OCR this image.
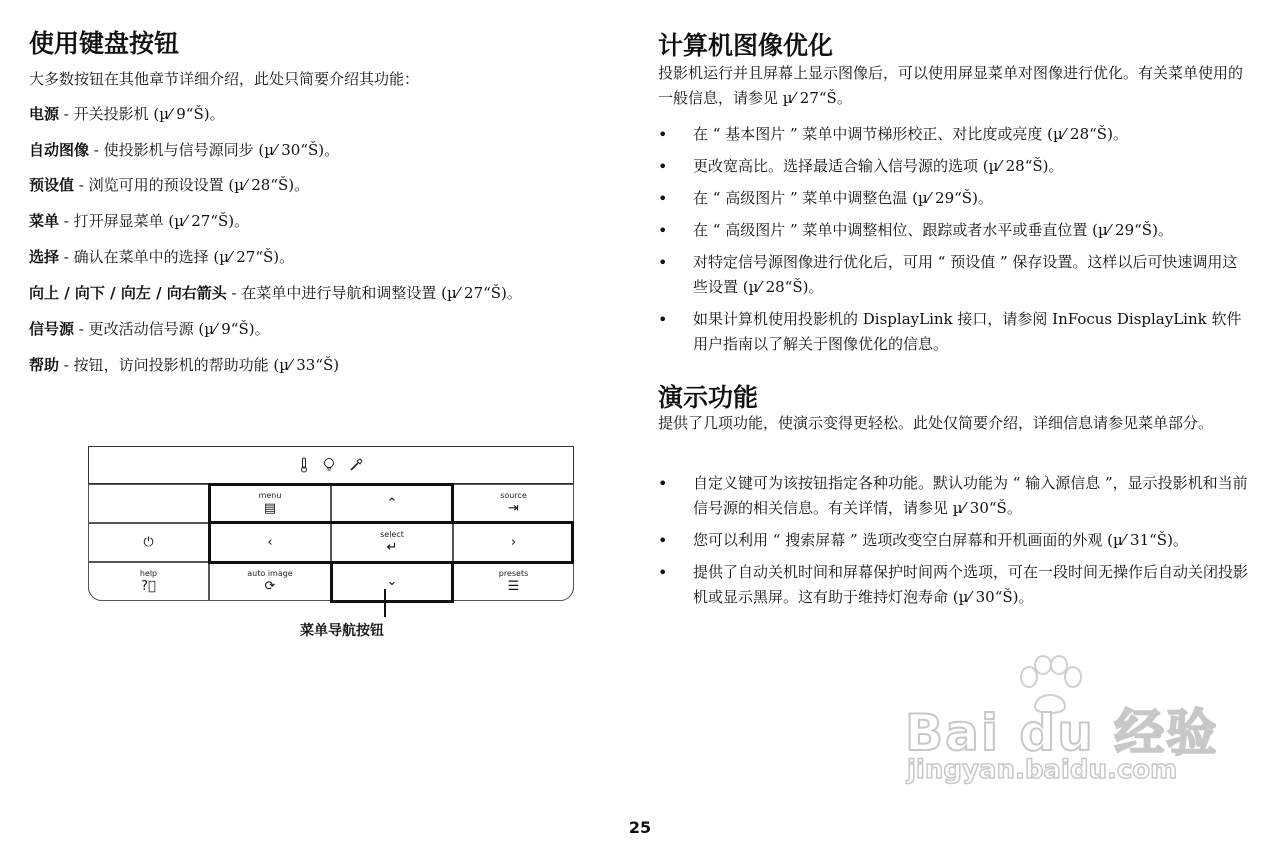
使用键盘按钮
大多数按钮在其他章节详细介绍，此处只简要介绍其功能：
电源 - 开关投影机 (µ⁄ 9“Š)。
自动图像 - 使投影机与信号源同步 (µ⁄ 30“Š)。
预设值 - 浏览可用的预设设置 (µ⁄ 28“Š)。
菜单 - 打开屏显菜单 (µ⁄ 27“Š)。
选择 - 确认在菜单中的选择 (µ⁄ 27“Š)。
向上 / 向下 / 向左 / 向右箭头 - 在菜单中进行导航和调整设置 (µ⁄ 27“Š)。
信号源 - 更改活动信号源 (µ⁄ 9“Š)。
帮助 - 按钮，访问投影机的帮助功能 (µ⁄ 33“Š)
menu
▤	⌃
source
⇥
⏻	‹
select
↵	›
help
?⃝
auto image
⟳	⌄
presets
☰
菜单导航按钮
计算机图像优化

投影机运行并且屏幕上显示图像后，可以使用屏显菜单对图像进行优化。有关菜单使用的一般信息，请参见 µ⁄ 27“Š。

• 在 “ 基本图片 ” 菜单中调节梯形校正、对比度或亮度 (µ⁄ 28“Š)。
• 更改宽高比。选择最适合输入信号源的选项 (µ⁄ 28“Š)。
• 在 “ 高级图片 ” 菜单中调整色温 (µ⁄ 29“Š)。
• 在 “ 高级图片 ” 菜单中调整相位、跟踪或者水平或垂直位置 (µ⁄ 29“Š)。
• 对特定信号源图像进行优化后，可用 “ 预设值 ” 保存设置。这样以后可快速调用这些设置 (µ⁄ 28“Š)。
• 如果计算机使用投影机的 DisplayLink 接口，请参阅 InFocus DisplayLink 软件用户指南以了解关于图像优化的信息。
演示功能

提供了几项功能，使演示变得更轻松。此处仅简要介绍，详细信息请参见菜单部分。

• 自定义键可为该按钮指定各种功能。默认功能为 “ 输入源信息 ”，显示投影机和当前信号源的相关信息。有关详情，请参见 µ⁄ 30“Š。
• 您可以利用 “ 搜索屏幕 ” 选项改变空白屏幕和开机画面的外观 (µ⁄ 31“Š)。
• 提供了自动关机时间和屏幕保护时间两个选项，可在一段时间无操作后自动关闭投影机或显示黑屏。这有助于维持灯泡寿命 (µ⁄ 30“Š)。
Bai du 经验
jingyan.baidu.com
25
